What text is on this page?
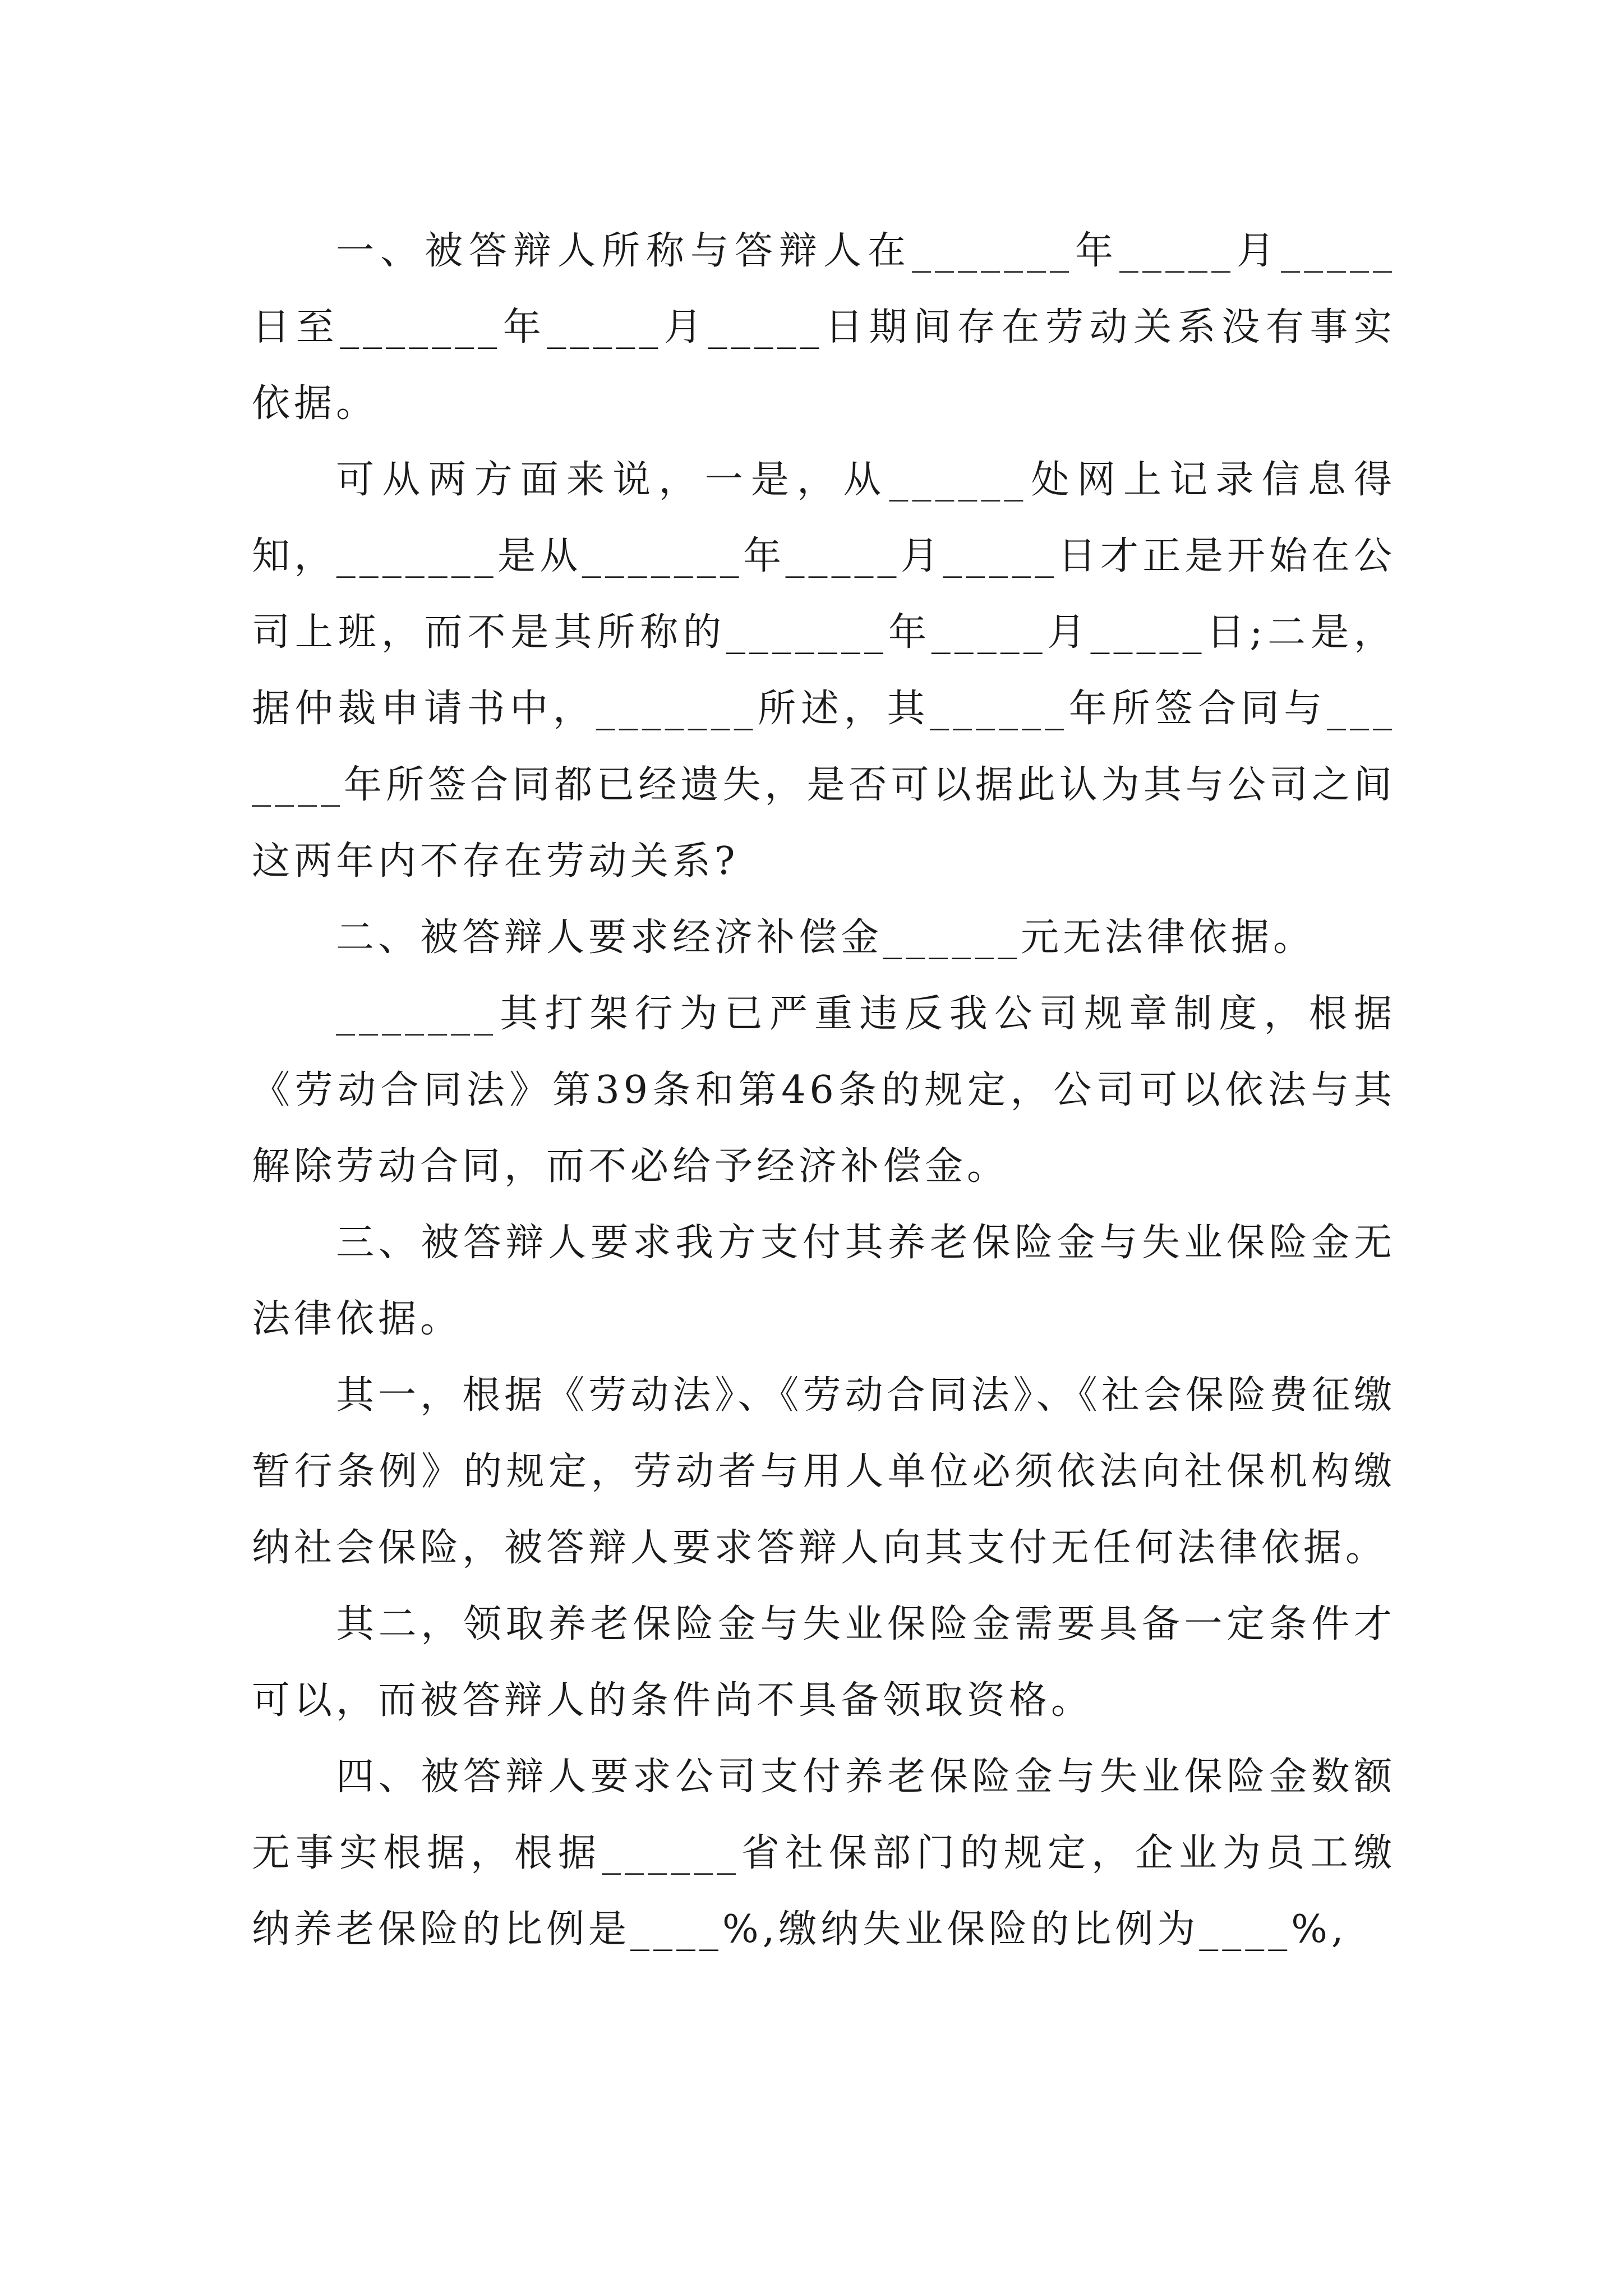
一、被答辩人所称与答辩人在_______年_____月_____日至_______年_____月_____日期间存在劳动关系没有事实依据。

可从两方面来说，一是，从______处网上记录信息得知，_______是从_______年_____月_____日才正是开始在公司上班，而不是其所称的_______年_____月_____日;二是，据仲裁申请书中，_______所述，其______年所签合同与_______年所签合同都已经遗失，是否可以据此认为其与公司之间这两年内不存在劳动关系?

二、被答辩人要求经济补偿金______元无法律依据。

_______其打架行为已严重违反我公司规章制度，根据《劳动合同法》第39条和第46条的规定，公司可以依法与其解除劳动合同，而不必给予经济补偿金。

三、被答辩人要求我方支付其养老保险金与失业保险金无法律依据。

其一，根据《劳动法》、《劳动合同法》、《社会保险费征缴暂行条例》的规定，劳动者与用人单位必须依法向社保机构缴纳社会保险，被答辩人要求答辩人向其支付无任何法律依据。

其二，领取养老保险金与失业保险金需要具备一定条件才可以，而被答辩人的条件尚不具备领取资格。

四、被答辩人要求公司支付养老保险金与失业保险金数额无事实根据，根据______省社保部门的规定，企业为员工缴纳养老保险的比例是____%,缴纳失业保险的比例为____%,
